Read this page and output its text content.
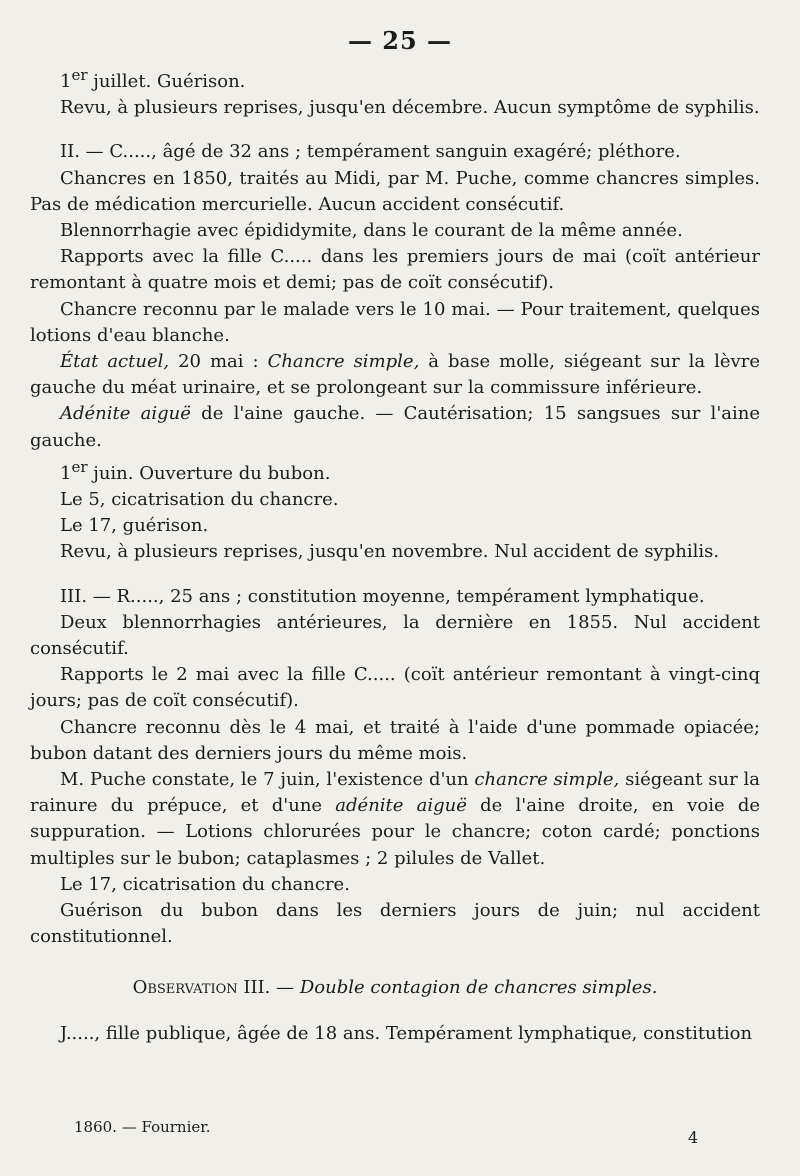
— 25 —

1er juillet. Guérison.

Revu, à plusieurs reprises, jusqu'en décembre. Aucun symptôme de syphilis.

II. — C....., âgé de 32 ans ; tempérament sanguin exagéré; pléthore.

Chancres en 1850, traités au Midi, par M. Puche, comme chancres simples. Pas de médication mercurielle. Aucun accident consécutif.

Blennorrhagie avec épididymite, dans le courant de la même année.

Rapports avec la fille C..... dans les premiers jours de mai (coït antérieur remontant à quatre mois et demi; pas de coït consécutif).

Chancre reconnu par le malade vers le 10 mai. — Pour traitement, quelques lotions d'eau blanche.

État actuel, 20 mai : Chancre simple, à base molle, siégeant sur la lèvre gauche du méat urinaire, et se prolongeant sur la commissure inférieure.

Adénite aiguë de l'aine gauche. — Cautérisation; 15 sangsues sur l'aine gauche.

1er juin. Ouverture du bubon.

Le 5, cicatrisation du chancre.

Le 17, guérison.

Revu, à plusieurs reprises, jusqu'en novembre. Nul accident de syphilis.

III. — R....., 25 ans ; constitution moyenne, tempérament lymphatique.

Deux blennorrhagies antérieures, la dernière en 1855. Nul accident consécutif.

Rapports le 2 mai avec la fille C..... (coït antérieur remontant à vingt-cinq jours; pas de coït consécutif).

Chancre reconnu dès le 4 mai, et traité à l'aide d'une pommade opiacée; bubon datant des derniers jours du même mois.

M. Puche constate, le 7 juin, l'existence d'un chancre simple, siégeant sur la rainure du prépuce, et d'une adénite aiguë de l'aine droite, en voie de suppuration. — Lotions chlorurées pour le chancre; coton cardé; ponctions multiples sur le bubon; cataplasmes ; 2 pilules de Vallet.

Le 17, cicatrisation du chancre.

Guérison du bubon dans les derniers jours de juin; nul accident constitutionnel.

Observation III. — Double contagion de chancres simples.

J....., fille publique, âgée de 18 ans. Tempérament lymphatique, constitution

1860. — Fournier.
4
